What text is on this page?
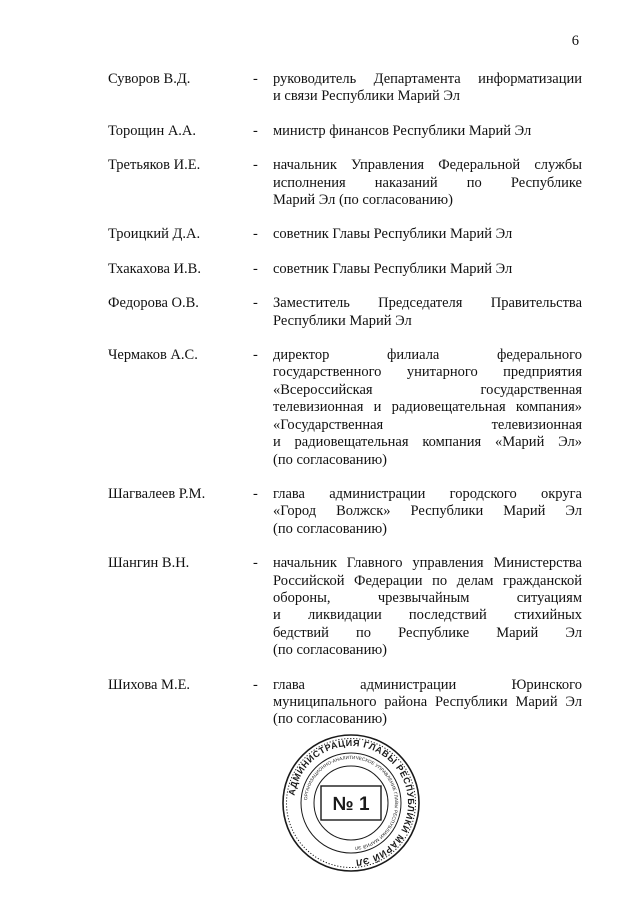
6
Суворов В.Д.	-	руководитель Департамента информатизации
и связи Республики Марий Эл
Торощин А.А.	-	министр финансов Республики Марий Эл
Третьяков И.Е.	-	начальник Управления Федеральной службы
исполнения наказаний по Республике
Марий Эл (по согласованию)
Троицкий Д.А.	-	советник Главы Республики Марий Эл
Тхакахова И.В.	-	советник Главы Республики Марий Эл
Федорова О.В.	-	Заместитель Председателя Правительства
Республики Марий Эл
Чермаков А.С.	-	директор филиала федерального
государственного унитарного предприятия
«Всероссийская государственная
телевизионная и радиовещательная компания»
«Государственная телевизионная
и радиовещательная компания «Марий Эл»
(по согласованию)
Шагвалеев Р.М.	-	глава администрации городского округа
«Город Волжск» Республики Марий Эл
(по согласованию)
Шангин В.Н.	-	начальник Главного управления Министерства
Российской Федерации по делам гражданской
обороны, чрезвычайным ситуациям
и ликвидации последствий стихийных
бедствий по Республике Марий Эл
(по согласованию)
Шихова М.Е.	-	глава администрации Юринского
муниципального района Республики Марий Эл
(по согласованию)
АДМИНИСТРАЦИЯ ГЛАВЫ РЕСПУБЛИКИ МАРИЙ ЭЛ
ОРГАНИЗАЦИОННО-АНАЛИТИЧЕСКОЕ УПРАВЛЕНИЕ ГЛАВЫ РЕСПУБЛИКИ МАРИЙ ЭЛ
№ 1
